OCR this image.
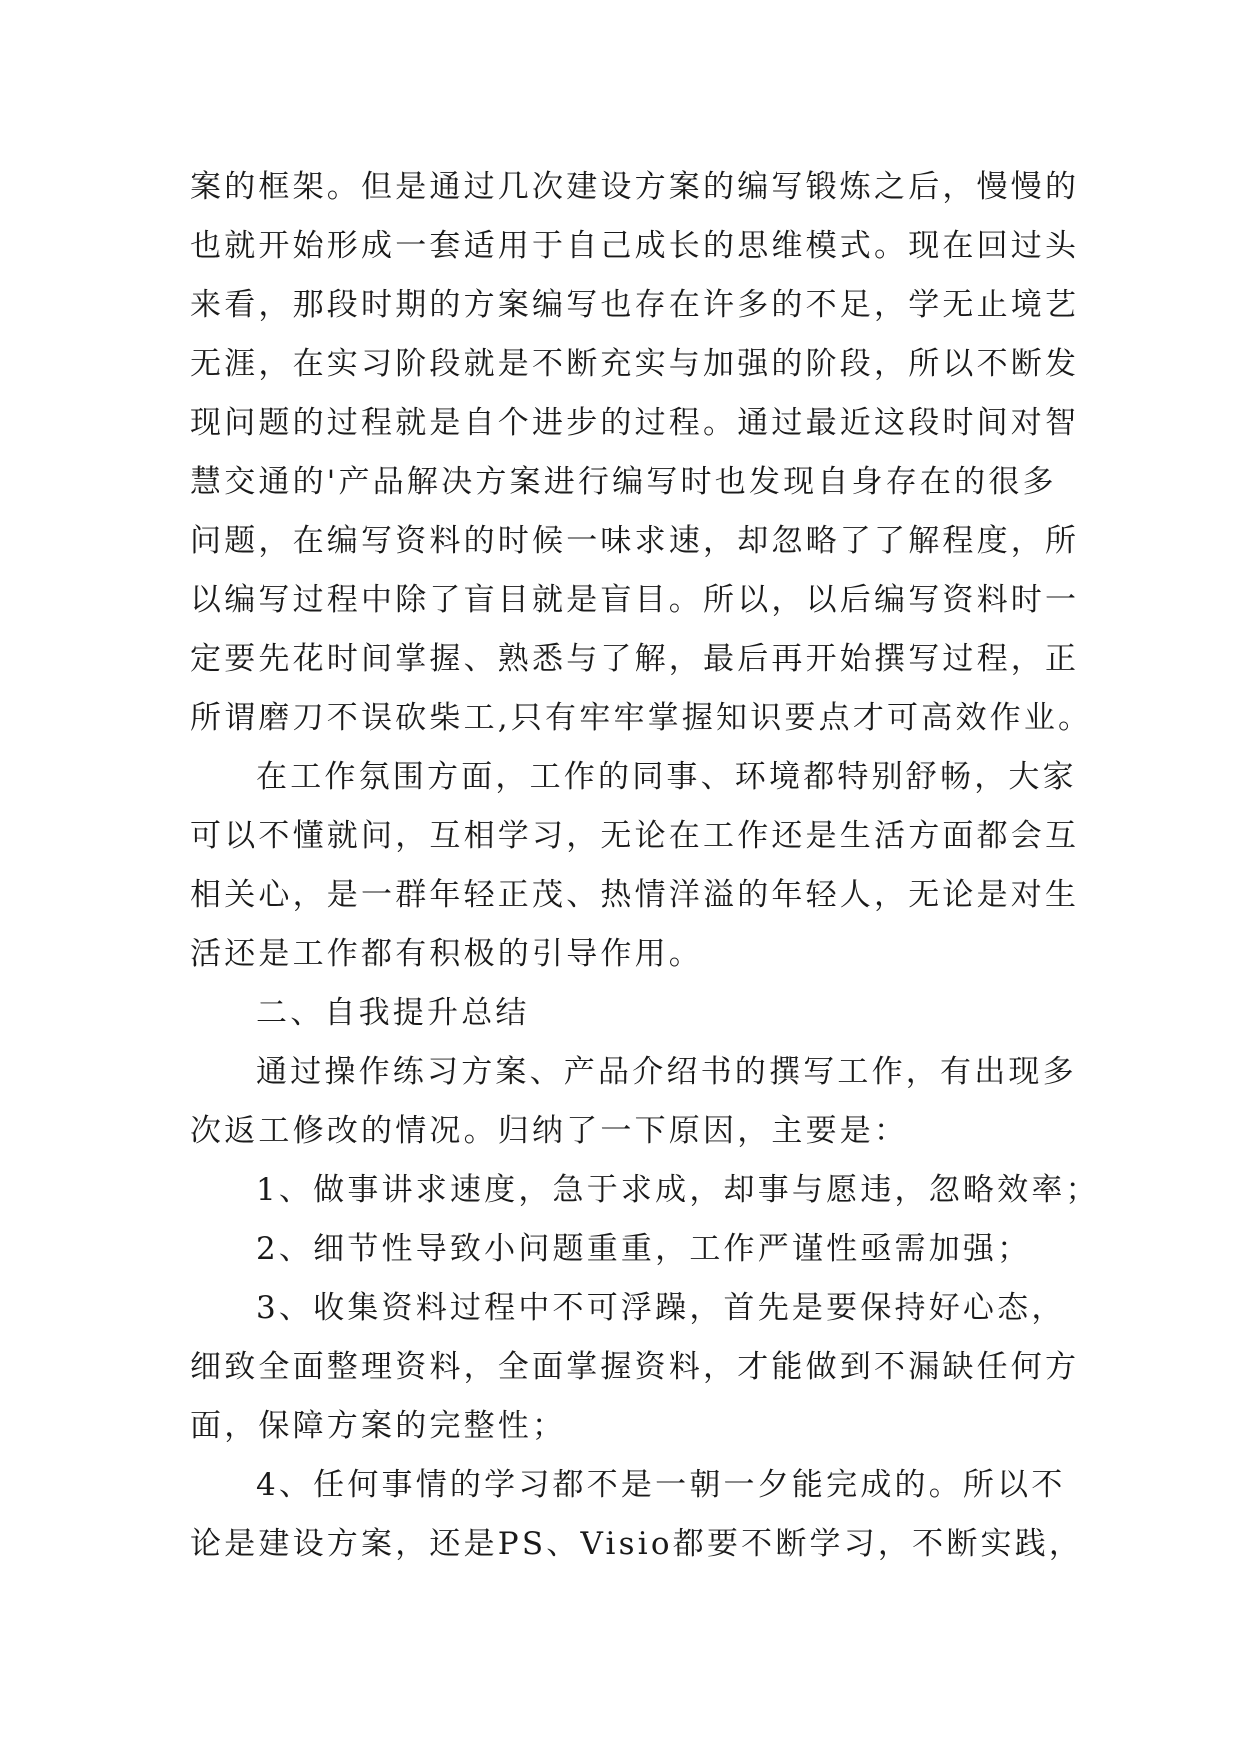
案的框架。但是通过几次建设方案的编写锻炼之后，慢慢的
也就开始形成一套适用于自己成长的思维模式。现在回过头
来看，那段时期的方案编写也存在许多的不足，学无止境艺
无涯，在实习阶段就是不断充实与加强的阶段，所以不断发
现问题的过程就是自个进步的过程。通过最近这段时间对智
慧交通的'产品解决方案进行编写时也发现自身存在的很多
问题，在编写资料的时候一味求速，却忽略了了解程度，所
以编写过程中除了盲目就是盲目。所以，以后编写资料时一
定要先花时间掌握、熟悉与了解，最后再开始撰写过程，正
所谓磨刀不误砍柴工,只有牢牢掌握知识要点才可高效作业。
在工作氛围方面，工作的同事、环境都特别舒畅，大家
可以不懂就问，互相学习，无论在工作还是生活方面都会互
相关心，是一群年轻正茂、热情洋溢的年轻人，无论是对生
活还是工作都有积极的引导作用。
二、自我提升总结
通过操作练习方案、产品介绍书的撰写工作，有出现多
次返工修改的情况。归纳了一下原因，主要是：
1、做事讲求速度，急于求成，却事与愿违，忽略效率；
2、细节性导致小问题重重，工作严谨性亟需加强；
3、收集资料过程中不可浮躁，首先是要保持好心态，
细致全面整理资料，全面掌握资料，才能做到不漏缺任何方
面，保障方案的完整性；
4、任何事情的学习都不是一朝一夕能完成的。所以不
论是建设方案，还是PS、Visio都要不断学习，不断实践，
